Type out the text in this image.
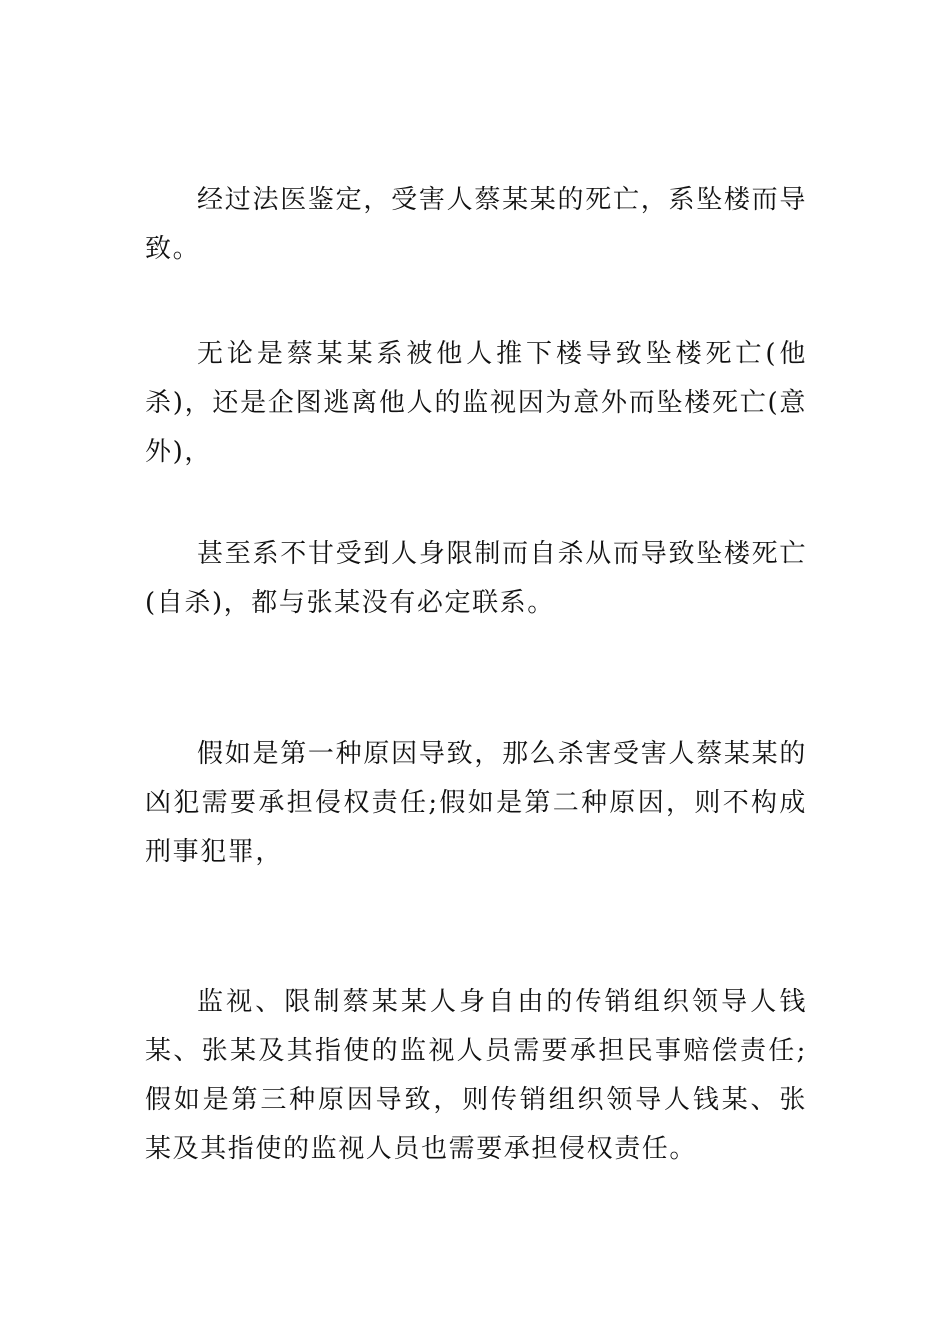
经过法医鉴定，受害人蔡某某的死亡，系坠楼而导致。

无论是蔡某某系被他人推下楼导致坠楼死亡(他杀)，还是企图逃离他人的监视因为意外而坠楼死亡(意外)，

甚至系不甘受到人身限制而自杀从而导致坠楼死亡(自杀)，都与张某没有必定联系。

假如是第一种原因导致，那么杀害受害人蔡某某的凶犯需要承担侵权责任;假如是第二种原因，则不构成刑事犯罪，

监视、限制蔡某某人身自由的传销组织领导人钱某、张某及其指使的监视人员需要承担民事赔偿责任;假如是第三种原因导致，则传销组织领导人钱某、张某及其指使的监视人员也需要承担侵权责任。
